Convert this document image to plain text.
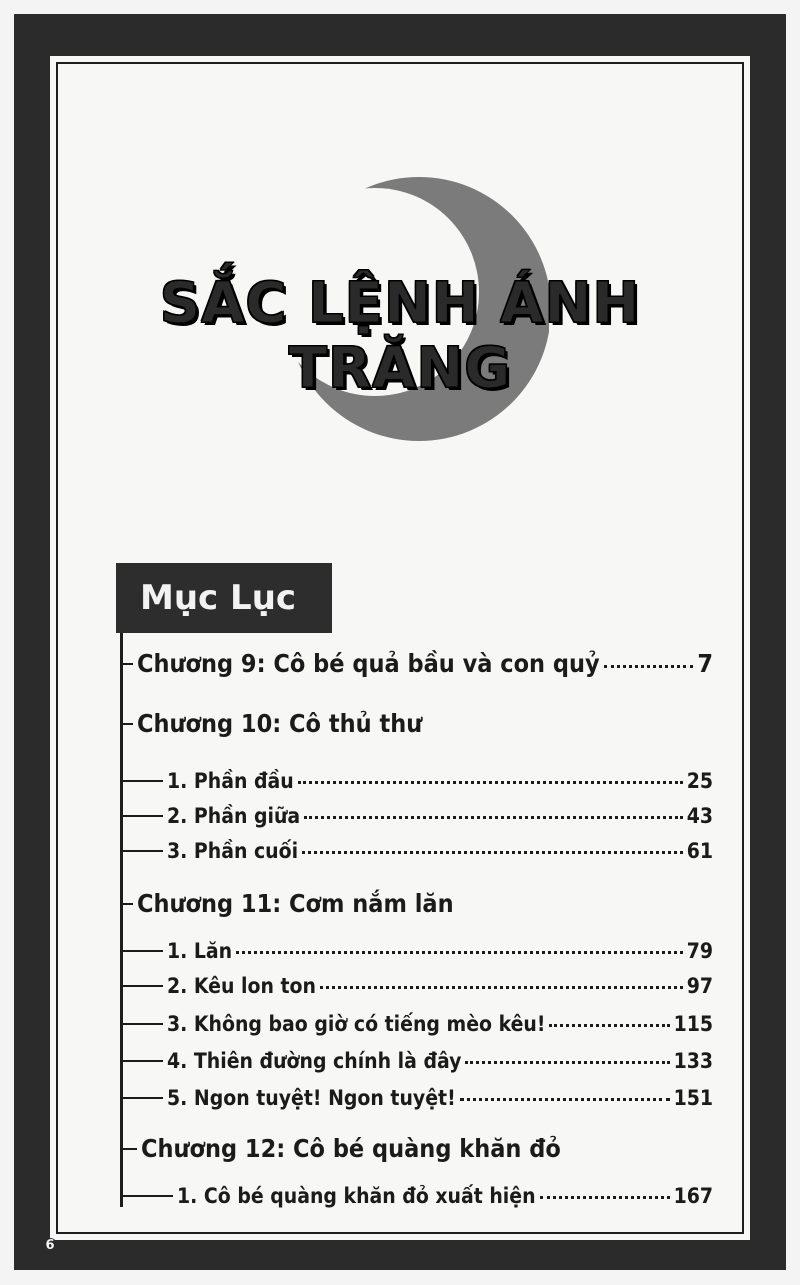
SẮC LỆNH ÁNH TRĂNG
Mục Lục
Chương 9: Cô bé quả bầu và con quỷ	7
Chương 10: Cô thủ thư
1. Phần đầu	25
2. Phần giữa	43
3. Phần cuối	61
Chương 11: Cơm nắm lăn
1. Lăn	79
2. Kêu lon ton	97
3. Không bao giờ có tiếng mèo kêu!	115
4. Thiên đường chính là đây	133
5. Ngon tuyệt! Ngon tuyệt!	151
Chương 12: Cô bé quàng khăn đỏ
1. Cô bé quàng khăn đỏ xuất hiện	167
6
